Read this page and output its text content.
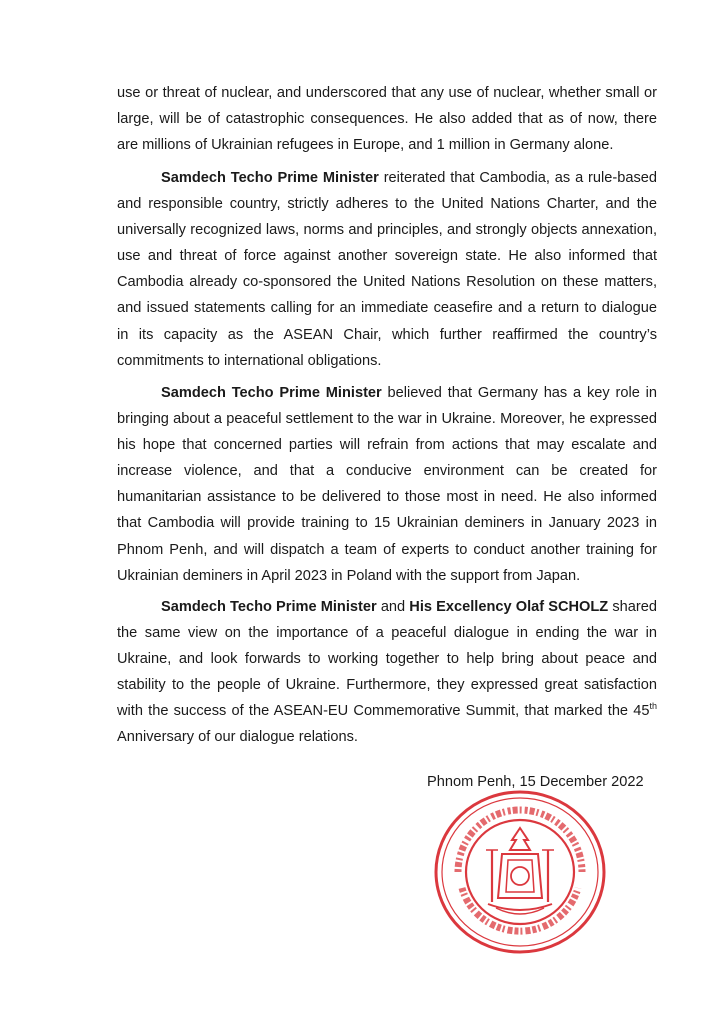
use or threat of nuclear, and underscored that any use of nuclear, whether small or large, will be of catastrophic consequences. He also added that as of now, there are millions of Ukrainian refugees in Europe, and 1 million in Germany alone.

Samdech Techo Prime Minister reiterated that Cambodia, as a rule-based and responsible country, strictly adheres to the United Nations Charter, and the universally recognized laws, norms and principles, and strongly objects annexation, use and threat of force against another sovereign state. He also informed that Cambodia already co-sponsored the United Nations Resolution on these matters, and issued statements calling for an immediate ceasefire and a return to dialogue in its capacity as the ASEAN Chair, which further reaffirmed the country’s commitments to international obligations.

Samdech Techo Prime Minister believed that Germany has a key role in bringing about a peaceful settlement to the war in Ukraine. Moreover, he expressed his hope that concerned parties will refrain from actions that may escalate and increase violence, and that a conducive environment can be created for humanitarian assistance to be delivered to those most in need. He also informed that Cambodia will provide training to 15 Ukrainian deminers in January 2023 in Phnom Penh, and will dispatch a team of experts to conduct another training for Ukrainian deminers in April 2023 in Poland with the support from Japan.

Samdech Techo Prime Minister and His Excellency Olaf SCHOLZ shared the same view on the importance of a peaceful dialogue in ending the war in Ukraine, and look forwards to working together to help bring about peace and stability to the people of Ukraine. Furthermore, they expressed great satisfaction with the success of the ASEAN-EU Commemorative Summit, that marked the 45th Anniversary of our dialogue relations.

Phnom Penh, 15 December 2022
